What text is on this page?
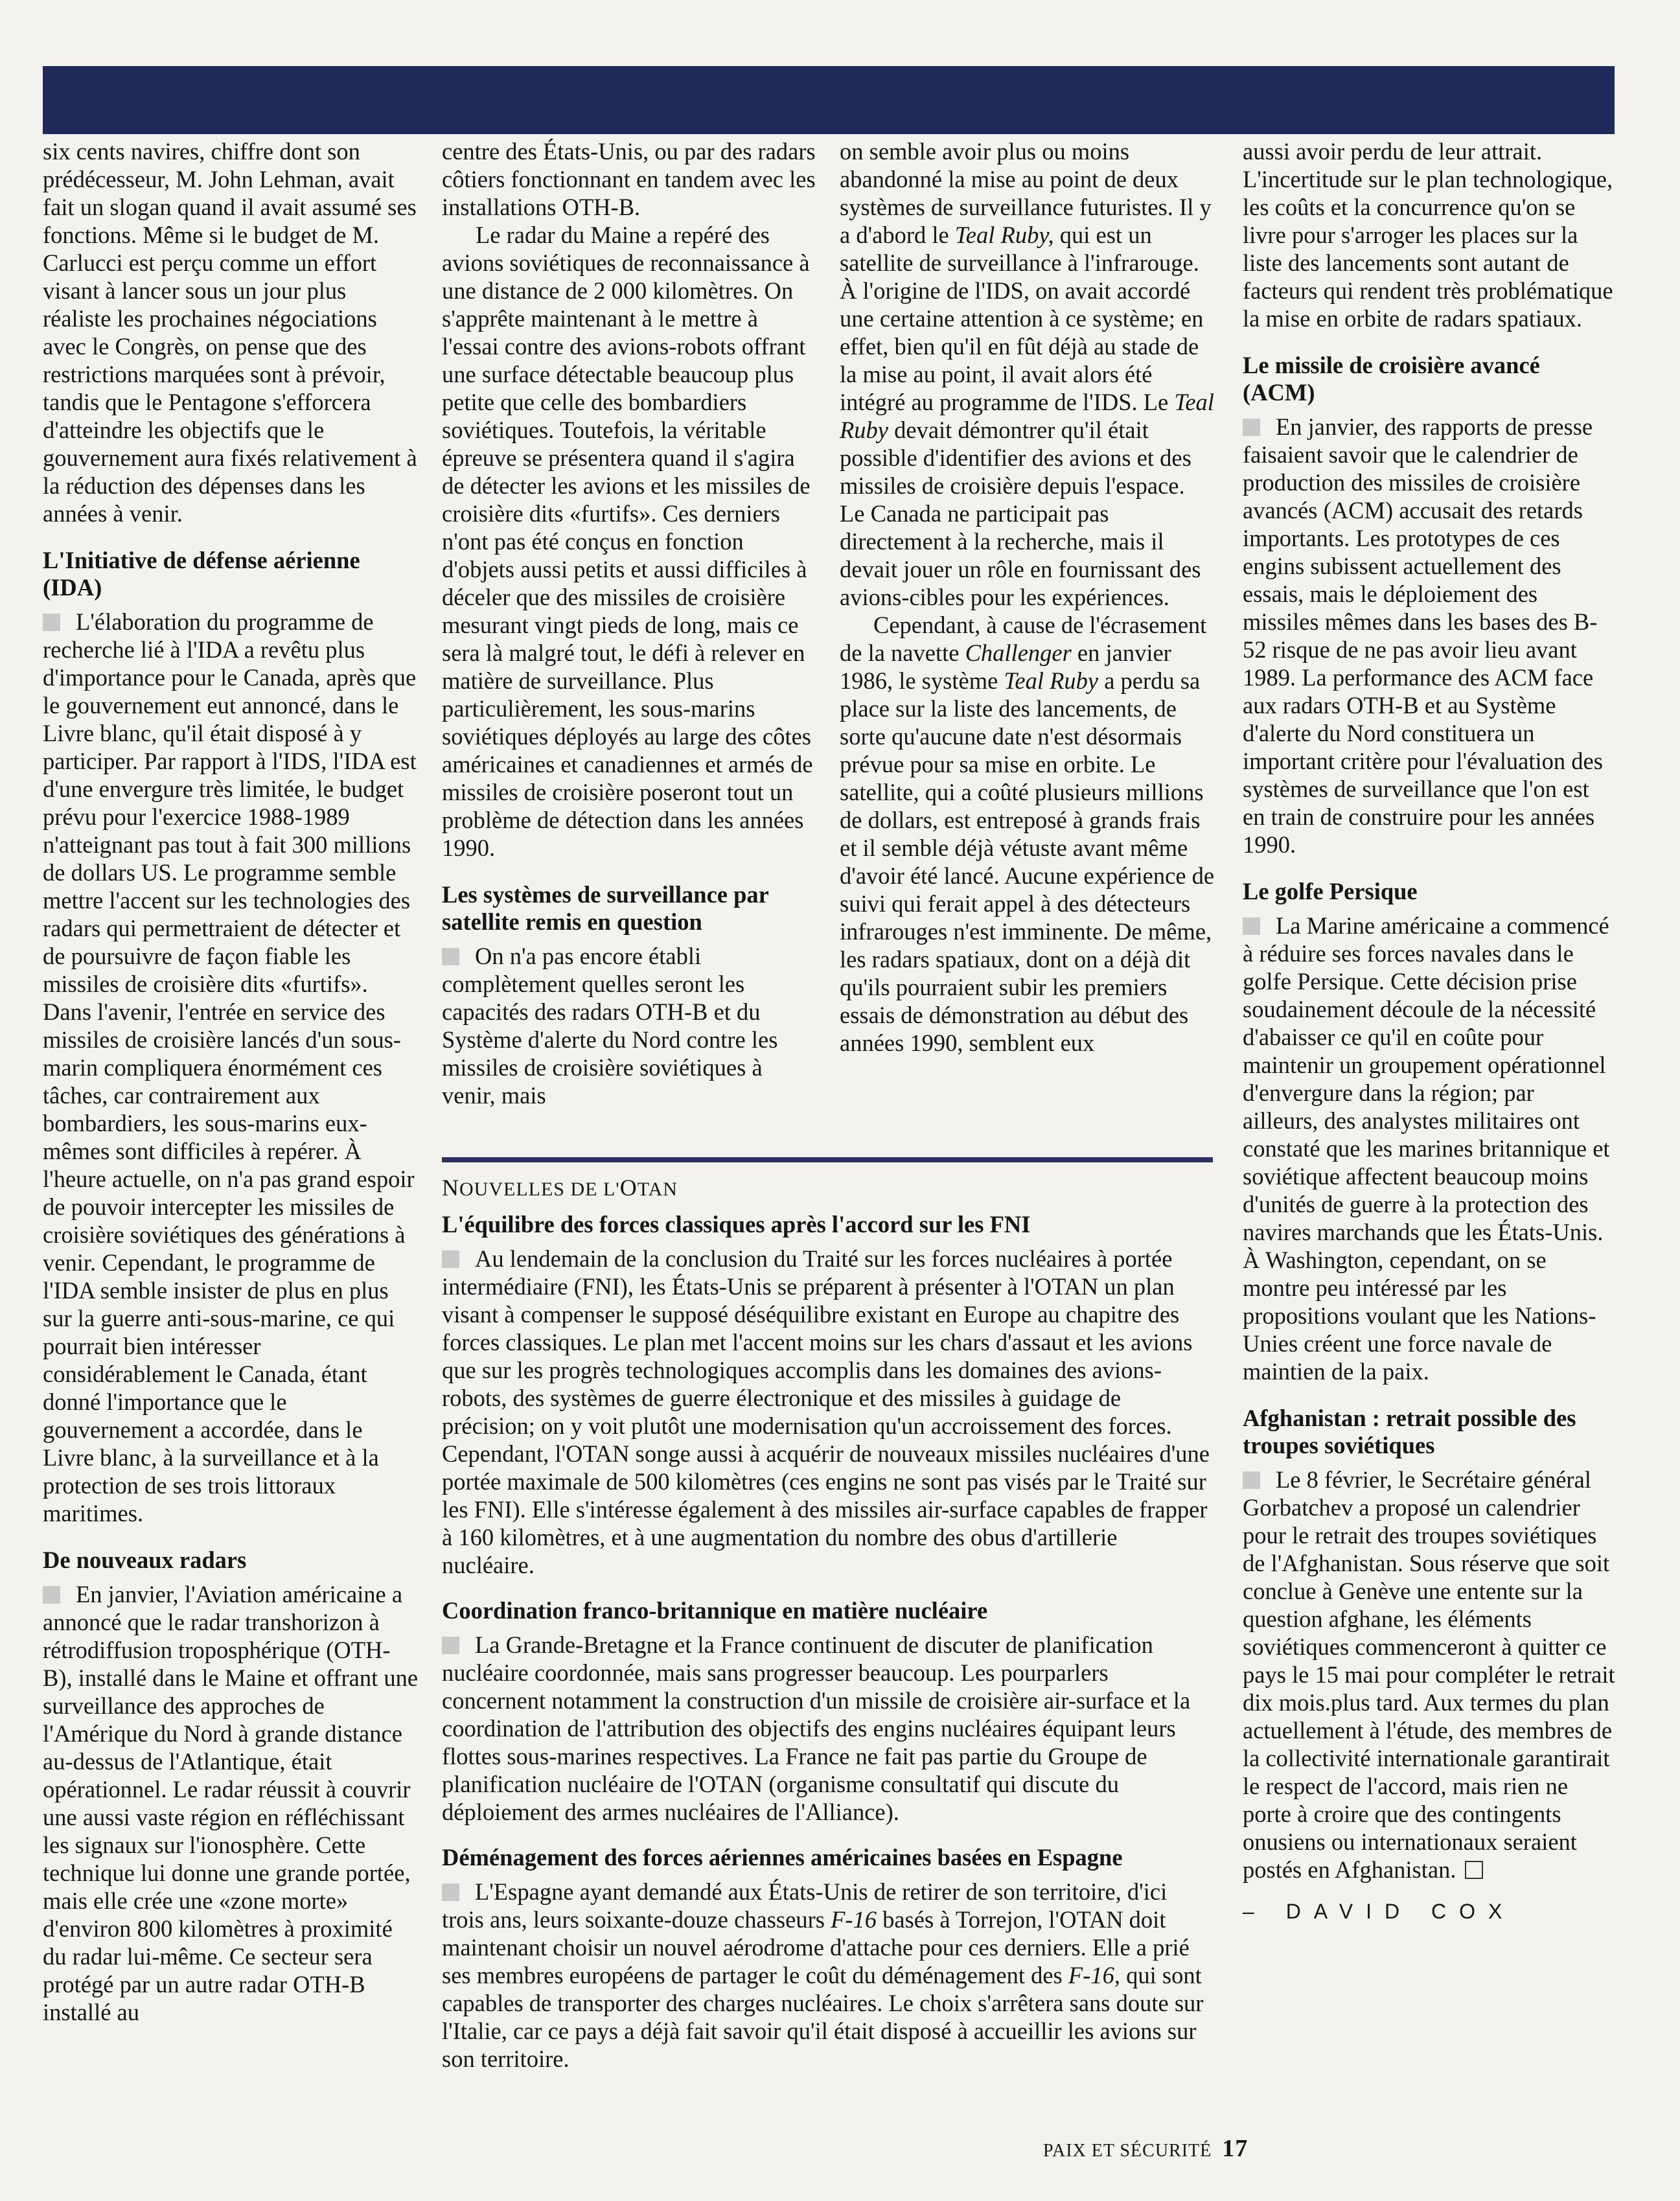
six cents navires, chiffre dont son prédécesseur, M. John Lehman, avait fait un slogan quand il avait assumé ses fonctions. Même si le budget de M. Carlucci est perçu comme un effort visant à lancer sous un jour plus réaliste les prochaines négociations avec le Congrès, on pense que des restrictions marquées sont à prévoir, tandis que le Pentagone s'efforcera d'atteindre les objectifs que le gouvernement aura fixés relativement à la réduction des dépenses dans les années à venir.

L'Initiative de défense aérienne (IDA)

L'élaboration du programme de recherche lié à l'IDA a revêtu plus d'importance pour le Canada, après que le gouvernement eut annoncé, dans le Livre blanc, qu'il était disposé à y participer. Par rapport à l'IDS, l'IDA est d'une envergure très limitée, le budget prévu pour l'exercice 1988-1989 n'atteignant pas tout à fait 300 millions de dollars US. Le programme semble mettre l'accent sur les technologies des radars qui permettraient de détecter et de poursuivre de façon fiable les missiles de croisière dits «furtifs». Dans l'avenir, l'entrée en service des missiles de croisière lancés d'un sous-marin compliquera énormément ces tâches, car contrairement aux bombardiers, les sous-marins eux-mêmes sont difficiles à repérer. À l'heure actuelle, on n'a pas grand espoir de pouvoir intercepter les missiles de croisière soviétiques des générations à venir. Cependant, le programme de l'IDA semble insister de plus en plus sur la guerre anti-sous-marine, ce qui pourrait bien intéresser considérablement le Canada, étant donné l'importance que le gouvernement a accordée, dans le Livre blanc, à la surveillance et à la protection de ses trois littoraux maritimes.

De nouveaux radars

En janvier, l'Aviation américaine a annoncé que le radar transhorizon à rétrodiffusion troposphérique (OTH-B), installé dans le Maine et offrant une surveillance des approches de l'Amérique du Nord à grande distance au-dessus de l'Atlantique, était opérationnel. Le radar réussit à couvrir une aussi vaste région en réfléchissant les signaux sur l'ionosphère. Cette technique lui donne une grande portée, mais elle crée une «zone morte» d'environ 800 kilomètres à proximité du radar lui-même. Ce secteur sera protégé par un autre radar OTH-B installé au

centre des États-Unis, ou par des radars côtiers fonctionnant en tandem avec les installations OTH-B.

Le radar du Maine a repéré des avions soviétiques de reconnaissance à une distance de 2 000 kilomètres. On s'apprête maintenant à le mettre à l'essai contre des avions-robots offrant une surface détectable beaucoup plus petite que celle des bombardiers soviétiques. Toutefois, la véritable épreuve se présentera quand il s'agira de détecter les avions et les missiles de croisière dits «furtifs». Ces derniers n'ont pas été conçus en fonction d'objets aussi petits et aussi difficiles à déceler que des missiles de croisière mesurant vingt pieds de long, mais ce sera là malgré tout, le défi à relever en matière de surveillance. Plus particulièrement, les sous-marins soviétiques déployés au large des côtes américaines et canadiennes et armés de missiles de croisière poseront tout un problème de détection dans les années 1990.

Les systèmes de surveillance par satellite remis en question

On n'a pas encore établi complètement quelles seront les capacités des radars OTH-B et du Système d'alerte du Nord contre les missiles de croisière soviétiques à venir, mais

on semble avoir plus ou moins abandonné la mise au point de deux systèmes de surveillance futuristes. Il y a d'abord le Teal Ruby, qui est un satellite de surveillance à l'infrarouge. À l'origine de l'IDS, on avait accordé une certaine attention à ce système; en effet, bien qu'il en fût déjà au stade de la mise au point, il avait alors été intégré au programme de l'IDS. Le Teal Ruby devait démontrer qu'il était possible d'identifier des avions et des missiles de croisière depuis l'espace. Le Canada ne participait pas directement à la recherche, mais il devait jouer un rôle en fournissant des avions-cibles pour les expériences.

Cependant, à cause de l'écrasement de la navette Challenger en janvier 1986, le système Teal Ruby a perdu sa place sur la liste des lancements, de sorte qu'aucune date n'est désormais prévue pour sa mise en orbite. Le satellite, qui a coûté plusieurs millions de dollars, est entreposé à grands frais et il semble déjà vétuste avant même d'avoir été lancé. Aucune expérience de suivi qui ferait appel à des détecteurs infrarouges n'est imminente. De même, les radars spatiaux, dont on a déjà dit qu'ils pourraient subir les premiers essais de démonstration au début des années 1990, semblent eux

aussi avoir perdu de leur attrait. L'incertitude sur le plan technologique, les coûts et la concurrence qu'on se livre pour s'arroger les places sur la liste des lancements sont autant de facteurs qui rendent très problématique la mise en orbite de radars spatiaux.

Le missile de croisière avancé (ACM)

En janvier, des rapports de presse faisaient savoir que le calendrier de production des missiles de croisière avancés (ACM) accusait des retards importants. Les prototypes de ces engins subissent actuellement des essais, mais le déploiement des missiles mêmes dans les bases des B-52 risque de ne pas avoir lieu avant 1989. La performance des ACM face aux radars OTH-B et au Système d'alerte du Nord constituera un important critère pour l'évaluation des systèmes de surveillance que l'on est en train de construire pour les années 1990.

Le golfe Persique

La Marine américaine a commencé à réduire ses forces navales dans le golfe Persique. Cette décision prise soudainement découle de la nécessité d'abaisser ce qu'il en coûte pour maintenir un groupement opérationnel d'envergure dans la région; par ailleurs, des analystes militaires ont constaté que les marines britannique et soviétique affectent beaucoup moins d'unités de guerre à la protection des navires marchands que les États-Unis. À Washington, cependant, on se montre peu intéressé par les propositions voulant que les Nations-Unies créent une force navale de maintien de la paix.

Afghanistan : retrait possible des troupes soviétiques

Le 8 février, le Secrétaire général Gorbatchev a proposé un calendrier pour le retrait des troupes soviétiques de l'Afghanistan. Sous réserve que soit conclue à Genève une entente sur la question afghane, les éléments soviétiques commenceront à quitter ce pays le 15 mai pour compléter le retrait dix mois.plus tard. Aux termes du plan actuellement à l'étude, des membres de la collectivité internationale garantirait le respect de l'accord, mais rien ne porte à croire que des contingents onusiens ou internationaux seraient postés en Afghanistan.

– DAVID COX
NOUVELLES DE L'OTAN
L'équilibre des forces classiques après l'accord sur les FNI

Au lendemain de la conclusion du Traité sur les forces nucléaires à portée intermédiaire (FNI), les États-Unis se préparent à présenter à l'OTAN un plan visant à compenser le supposé déséquilibre existant en Europe au chapitre des forces classiques. Le plan met l'accent moins sur les chars d'assaut et les avions que sur les progrès technologiques accomplis dans les domaines des avions-robots, des systèmes de guerre électronique et des missiles à guidage de précision; on y voit plutôt une modernisation qu'un accroissement des forces. Cependant, l'OTAN songe aussi à acquérir de nouveaux missiles nucléaires d'une portée maximale de 500 kilomètres (ces engins ne sont pas visés par le Traité sur les FNI). Elle s'intéresse également à des missiles air-surface capables de frapper à 160 kilomètres, et à une augmentation du nombre des obus d'artillerie nucléaire.

Coordination franco-britannique en matière nucléaire

La Grande-Bretagne et la France continuent de discuter de planification nucléaire coordonnée, mais sans progresser beaucoup. Les pourparlers concernent notamment la construction d'un missile de croisière air-surface et la coordination de l'attribution des objectifs des engins nucléaires équipant leurs flottes sous-marines respectives. La France ne fait pas partie du Groupe de planification nucléaire de l'OTAN (organisme consultatif qui discute du déploiement des armes nucléaires de l'Alliance).

Déménagement des forces aériennes américaines basées en Espagne

L'Espagne ayant demandé aux États-Unis de retirer de son territoire, d'ici trois ans, leurs soixante-douze chasseurs F-16 basés à Torrejon, l'OTAN doit maintenant choisir un nouvel aérodrome d'attache pour ces derniers. Elle a prié ses membres européens de partager le coût du déménagement des F-16, qui sont capables de transporter des charges nucléaires. Le choix s'arrêtera sans doute sur l'Italie, car ce pays a déjà fait savoir qu'il était disposé à accueillir les avions sur son territoire.

PAIX ET SÉCURITÉ 17
